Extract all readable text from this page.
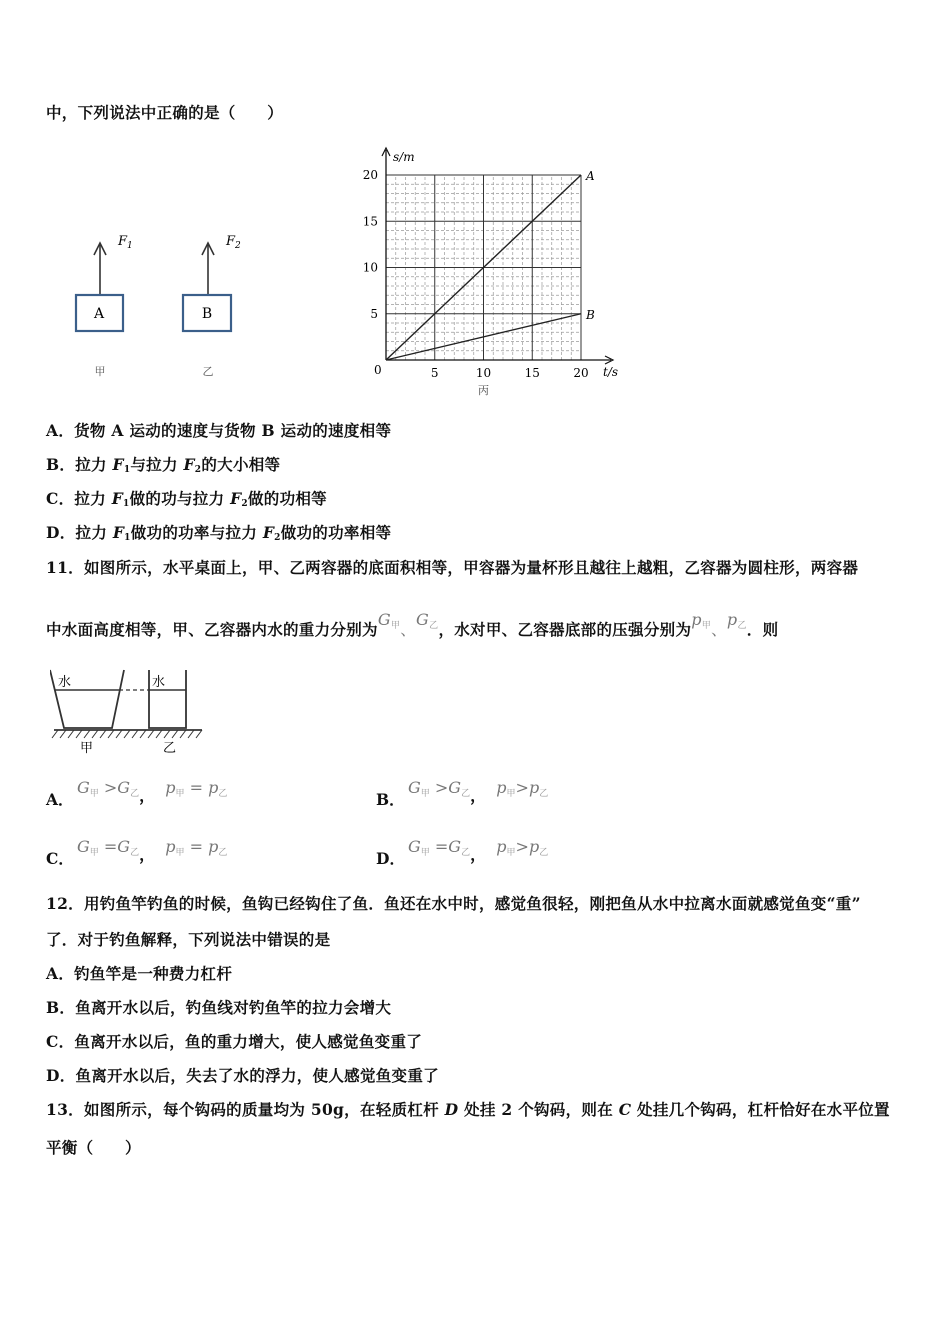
中，下列说法中正确的是（　　）
$F_1$
A
甲
$F_2$
B
乙
s/m
t/s
0	5	10	15	20
5
10
15
20	A
B
丙
A．货物 A 运动的速度与货物 B 运动的速度相等
B．拉力 $F_1$与拉力 $F_2$的大小相等
C．拉力 $F_1$做的功与拉力 $F_2$做的功相等
D．拉力 $F_1$做功的功率与拉力 $F_2$做功的功率相等
11．如图所示，水平桌面上，甲、乙两容器的底面积相等，甲容器为量杯形且越往上越粗，乙容器为圆柱形，两容器
中水面高度相等，甲、乙容器内水的重力分别为$G_甲$、$G_乙$，水对甲、乙容器底部的压强分别为$p_甲$、$p_乙$．则
水	水
甲	乙
A．
$G_甲 >G_乙$， $p_甲 = p_乙$	B．
$G_甲 >G_乙$， $p_甲>p_乙$
C．
$G_甲 =G_乙$， $p_甲 = p_乙$	D．
$G_甲 =G_乙$， $p_甲>p_乙$
12．用钓鱼竿钓鱼的时候，鱼钩已经钩住了鱼．鱼还在水中时，感觉鱼很轻，刚把鱼从水中拉离水面就感觉鱼变“重”
了．对于钓鱼解释，下列说法中错误的是
A．钓鱼竿是一种费力杠杆
B．鱼离开水以后，钓鱼线对钓鱼竿的拉力会增大
C．鱼离开水以后，鱼的重力增大，使人感觉鱼变重了
D．鱼离开水以后，失去了水的浮力，使人感觉鱼变重了
13．如图所示，每个钩码的质量均为 50g，在轻质杠杆 D 处挂 2 个钩码，则在 C 处挂几个钩码，杠杆恰好在水平位置
平衡（　　）
